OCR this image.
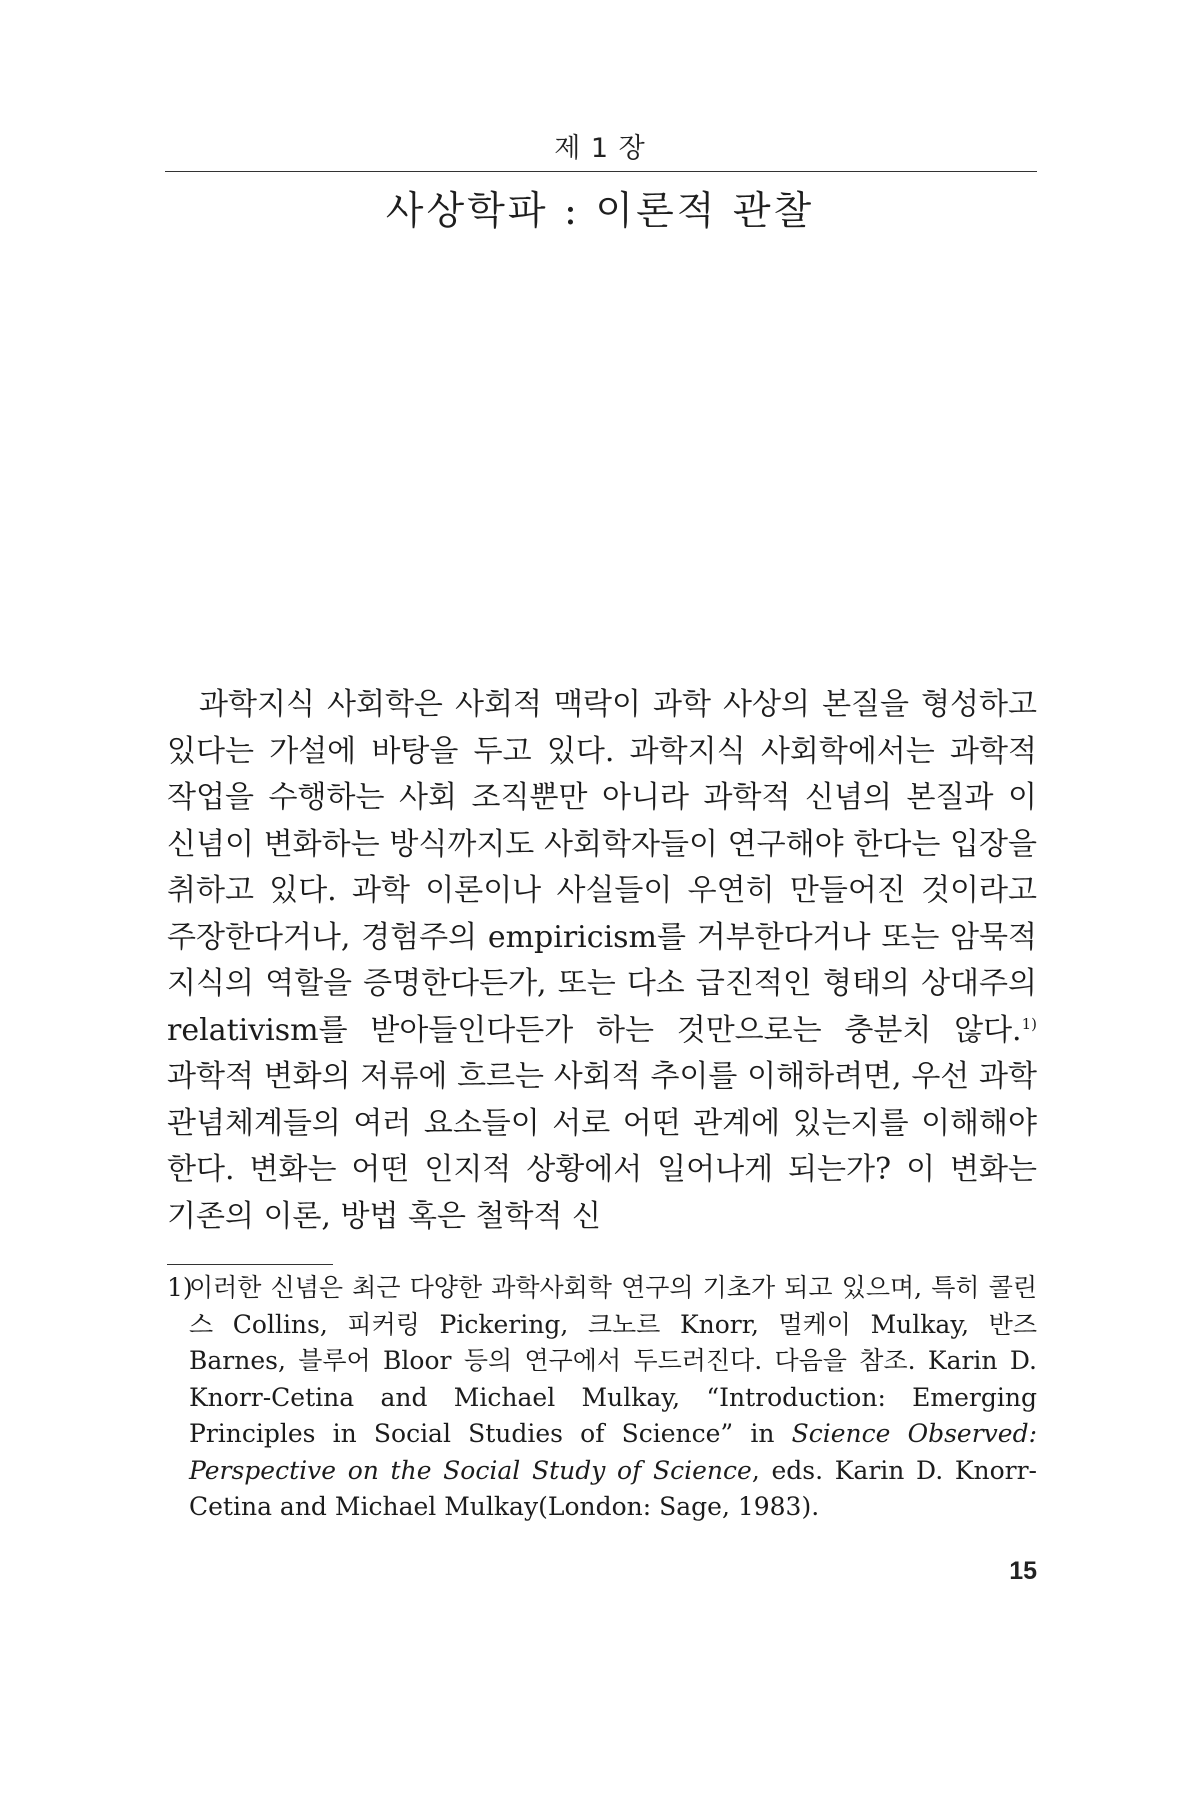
제 1 장
사상학파 : 이론적 관찰
과학지식 사회학은 사회적 맥락이 과학 사상의 본질을 형성하고 있다는 가설에 바탕을 두고 있다. 과학지식 사회학에서는 과학적 작업을 수행하는 사회 조직뿐만 아니라 과학적 신념의 본질과 이 신념이 변화하는 방식까지도 사회학자들이 연구해야 한다는 입장을 취하고 있다. 과학 이론이나 사실들이 우연히 만들어진 것이라고 주장한다거나, 경험주의 empiricism를 거부한다거나 또는 암묵적 지식의 역할을 증명한다든가, 또는 다소 급진적인 형태의 상대주의 relativism를 받아들인다든가 하는 것만으로는 충분치 않다.$^{1)}$ 과학적 변화의 저류에 흐르는 사회적 추이를 이해하려면, 우선 과학 관념체계들의 여러 요소들이 서로 어떤 관계에 있는지를 이해해야 한다. 변화는 어떤 인지적 상황에서 일어나게 되는가? 이 변화는 기존의 이론, 방법 혹은 철학적 신
1)
이러한 신념은 최근 다양한 과학사회학 연구의 기초가 되고 있으며, 특히 콜린스 Collins, 피커링 Pickering, 크노르 Knorr, 멀케이 Mulkay, 반즈 Barnes, 블루어 Bloor 등의 연구에서 두드러진다. 다음을 참조. Karin D. Knorr-Cetina and Michael Mulkay, “Introduction: Emerging Principles in Social Studies of Science” in Science Observed: Perspective on the Social Study of Science, eds. Karin D. Knorr-Cetina and Michael Mulkay(London: Sage, 1983).
15
